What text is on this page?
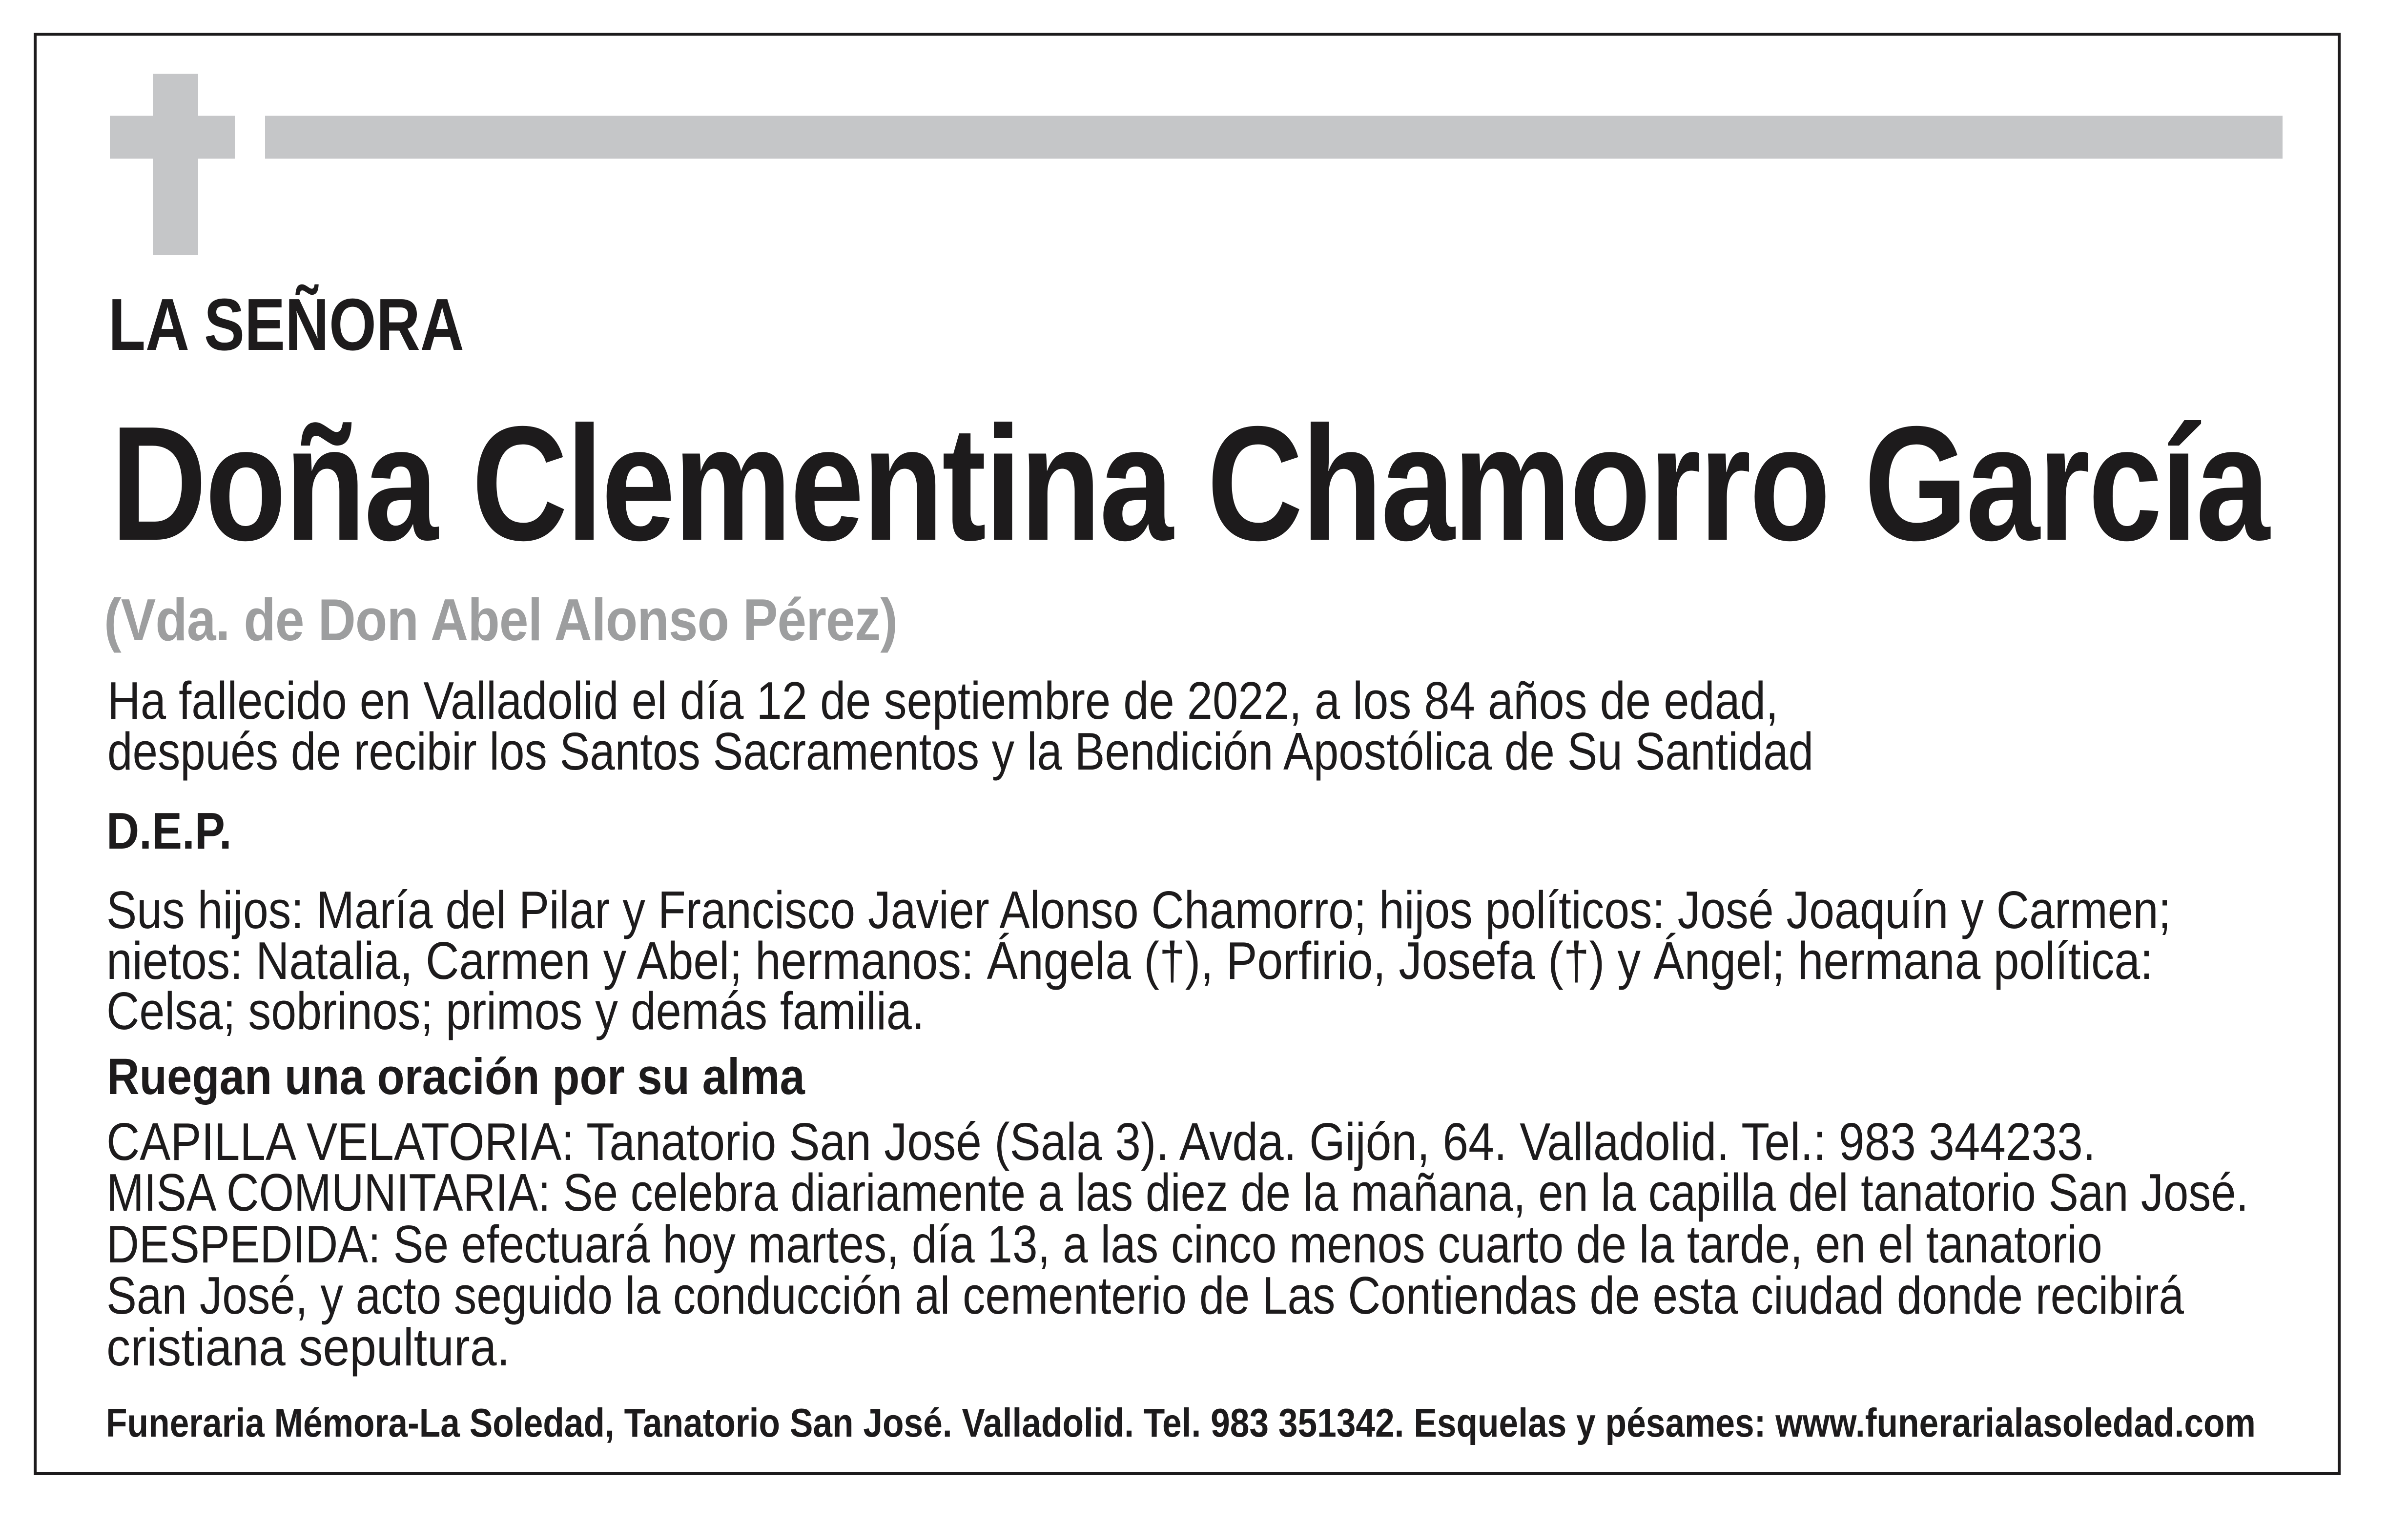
LA SEÑORA
Doña Clementina Chamorro García
(Vda. de Don Abel Alonso Pérez)
Ha fallecido en Valladolid el día 12 de septiembre de 2022, a los 84 años de edad,
después de recibir los Santos Sacramentos y la Bendición Apostólica de Su Santidad
D.E.P.
Sus hijos: María del Pilar y Francisco Javier Alonso Chamorro; hijos políticos: José Joaquín y Carmen;
nietos: Natalia, Carmen y Abel; hermanos: Ángela (†), Porfirio, Josefa (†) y Ángel; hermana política:
Celsa; sobrinos; primos y demás familia.
Ruegan una oración por su alma
CAPILLA VELATORIA: Tanatorio San José (Sala 3). Avda. Gijón, 64. Valladolid. Tel.: 983 344233.
MISA COMUNITARIA: Se celebra diariamente a las diez de la mañana, en la capilla del tanatorio San José.
DESPEDIDA: Se efectuará hoy martes, día 13, a las cinco menos cuarto de la tarde, en el tanatorio
San José, y acto seguido la conducción al cementerio de Las Contiendas de esta ciudad donde recibirá
cristiana sepultura.
Funeraria Mémora-La Soledad, Tanatorio San José. Valladolid. Tel. 983 351342. Esquelas y pésames: www.funerarialasoledad.com
